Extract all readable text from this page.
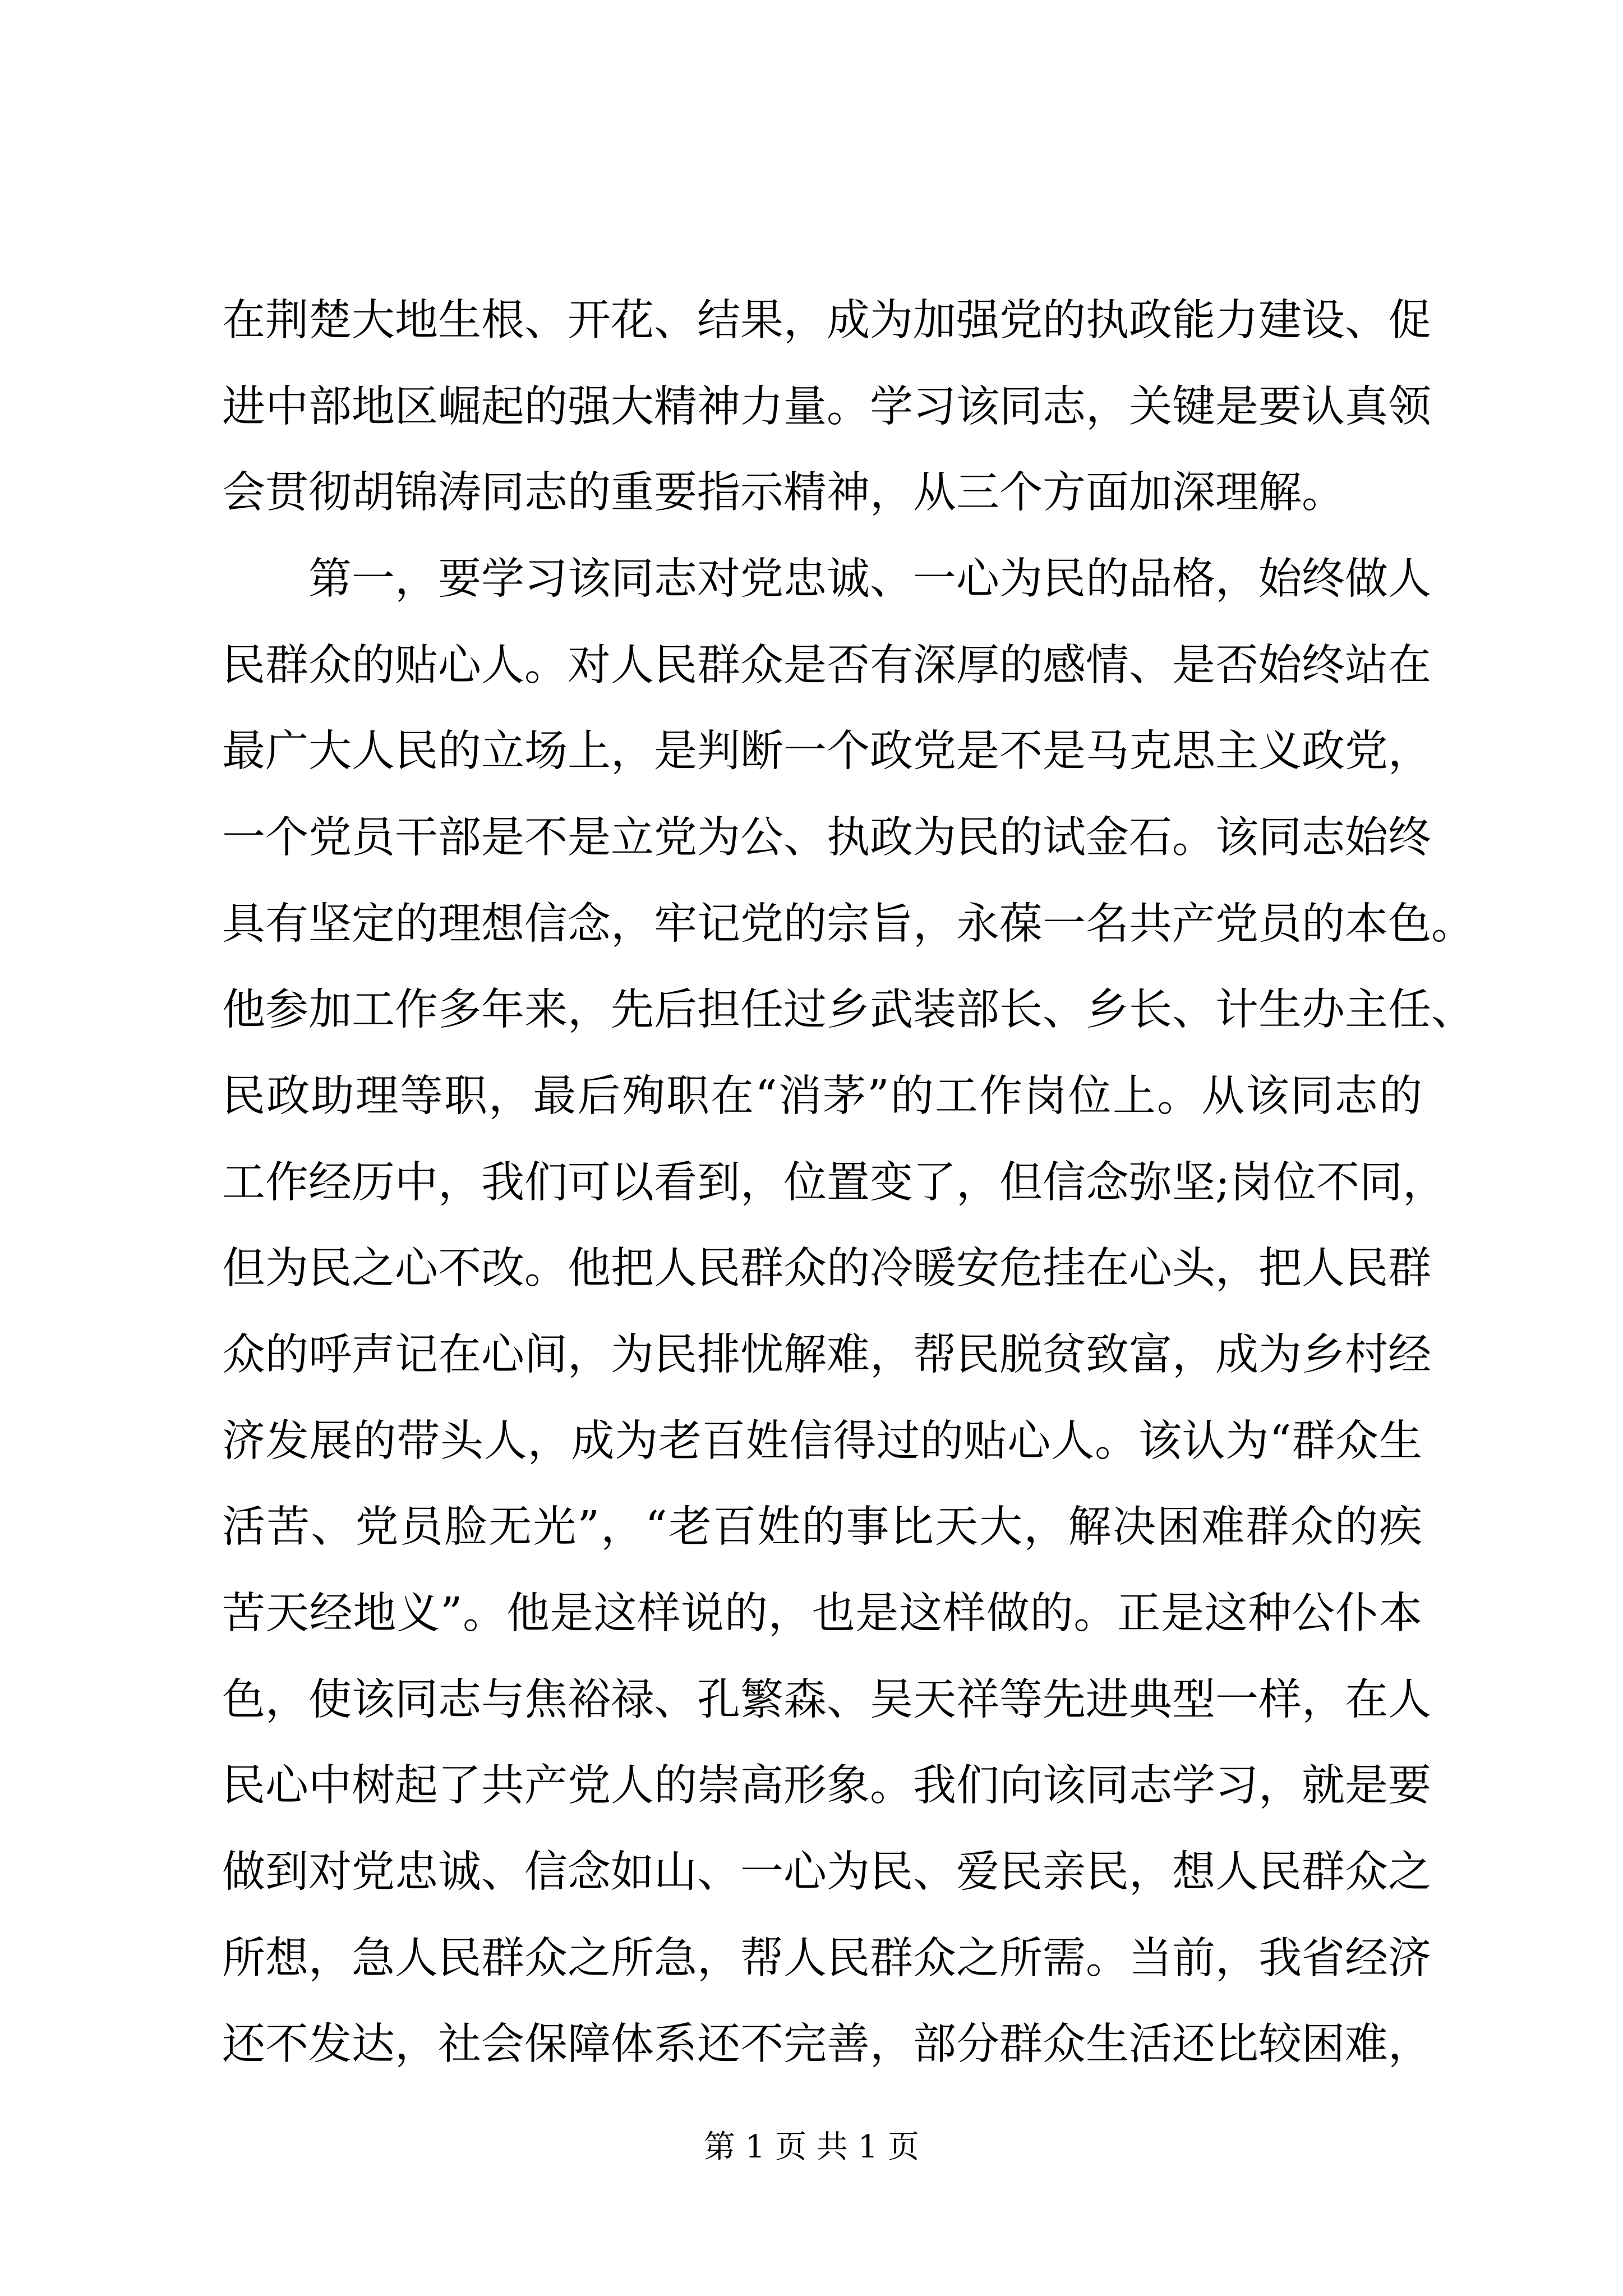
在荆楚大地生根、开花、结果，成为加强党的执政能力建设、促
进中部地区崛起的强大精神力量。学习该同志，关键是要认真领
会贯彻胡锦涛同志的重要指示精神，从三个方面加深理解。
第一，要学习该同志对党忠诚、一心为民的品格，始终做人
民群众的贴心人。对人民群众是否有深厚的感情、是否始终站在
最广大人民的立场上，是判断一个政党是不是马克思主义政党，
一个党员干部是不是立党为公、执政为民的试金石。该同志始终
具有坚定的理想信念，牢记党的宗旨，永葆一名共产党员的本色。
他参加工作多年来，先后担任过乡武装部长、乡长、计生办主任、
民政助理等职，最后殉职在“消茅”的工作岗位上。从该同志的
工作经历中，我们可以看到，位置变了，但信念弥坚;岗位不同，
但为民之心不改。他把人民群众的冷暖安危挂在心头，把人民群
众的呼声记在心间，为民排忧解难，帮民脱贫致富，成为乡村经
济发展的带头人，成为老百姓信得过的贴心人。该认为“群众生
活苦、党员脸无光”，“老百姓的事比天大，解决困难群众的疾
苦天经地义”。他是这样说的，也是这样做的。正是这种公仆本
色，使该同志与焦裕禄、孔繁森、吴天祥等先进典型一样，在人
民心中树起了共产党人的崇高形象。我们向该同志学习，就是要
做到对党忠诚、信念如山、一心为民、爱民亲民，想人民群众之
所想，急人民群众之所急，帮人民群众之所需。当前，我省经济
还不发达，社会保障体系还不完善，部分群众生活还比较困难，
第 1 页 共 1 页
